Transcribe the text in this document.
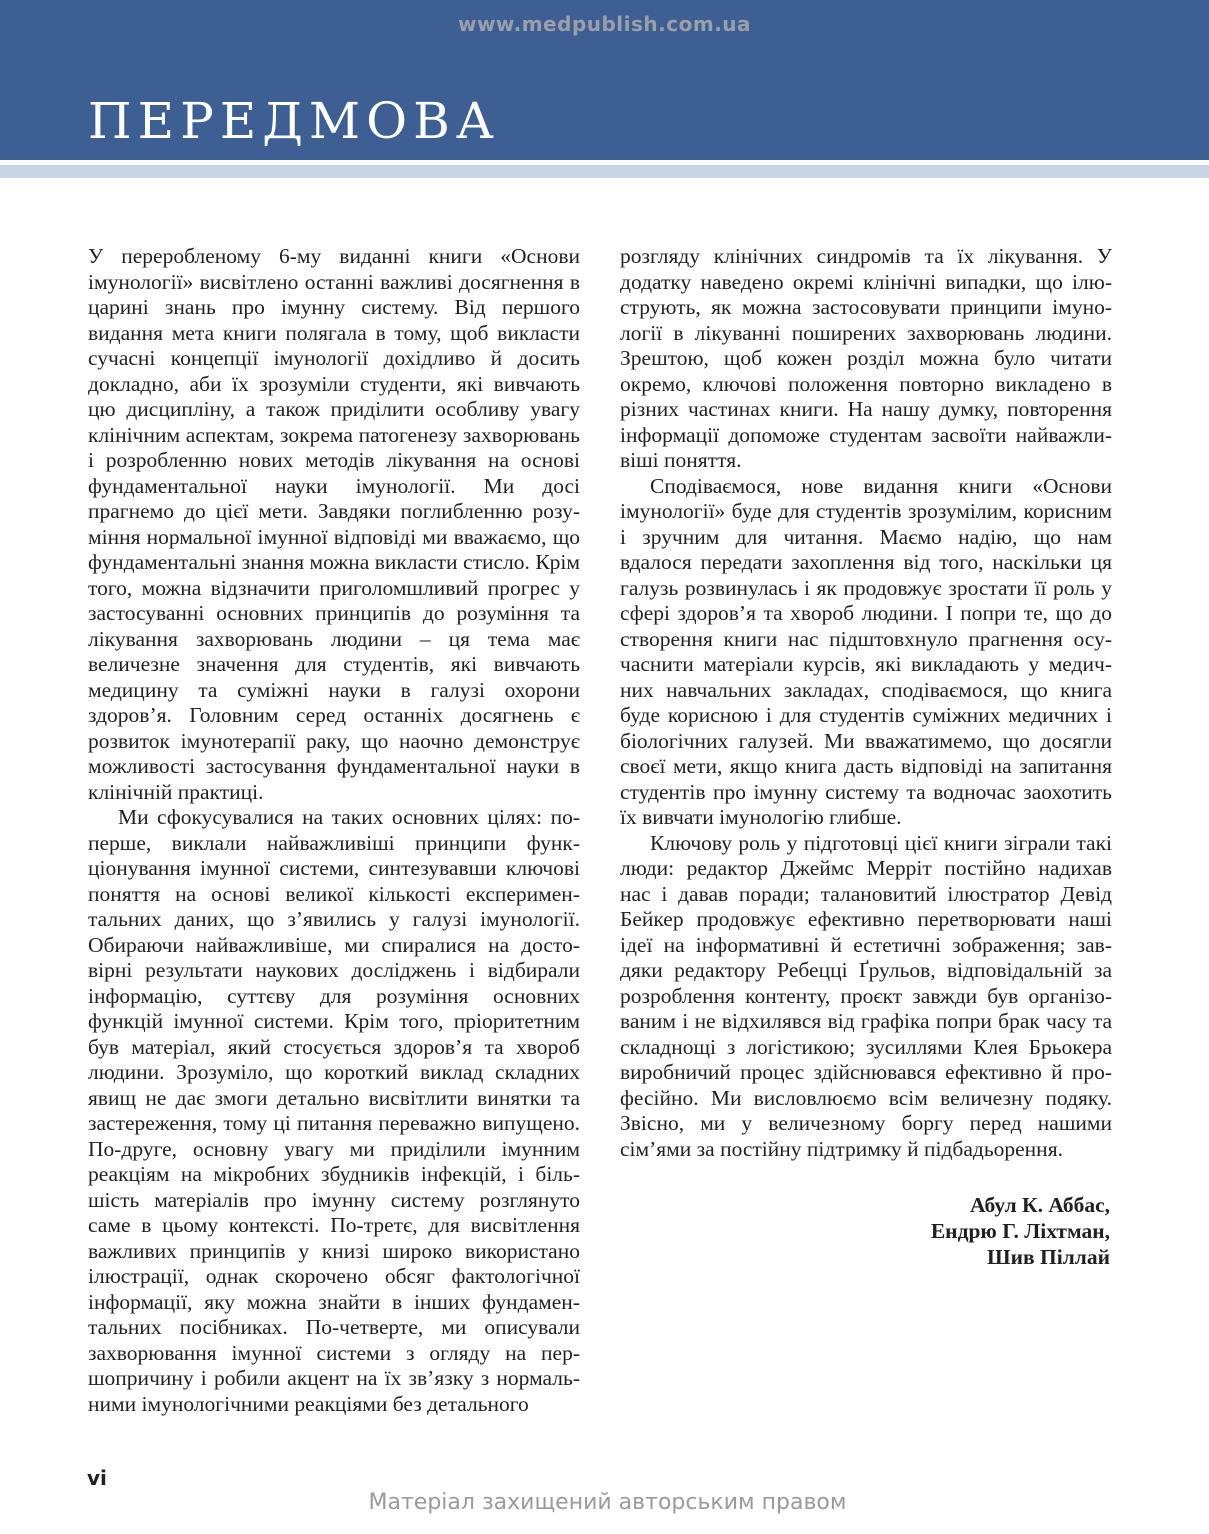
www.medpublish.com.ua
ПЕРЕДМОВА

У переробленому 6-му виданні книги «Основи імунології» висвітлено останні важливі досягнення в царині знань про імунну систему. Від першого видання мета книги полягала в тому, щоб викласти сучасні концепції імунології дохідливо й досить докладно, аби їх зрозуміли студенти, які вивчають цю дисципліну, а також приділити особливу увагу клінічним аспектам, зокрема патогенезу захворювань і розробленню нових методів лікування на основі фундаментальної науки імунології. Ми досі прагнемо до цієї мети. Завдяки поглибленню розуміння нормальної імунної відповіді ми вважаємо, що фундаментальні знання можна викласти стисло. Крім того, можна відзначити приголомшливий прогрес у застосуванні основних принципів до розуміння та лікування захворювань людини – ця тема має величезне значення для студентів, які вивчають медицину та суміжні науки в галузі охорони здоров’я. Головним серед останніх досягнень є розвиток імунотерапії раку, що наочно демонструє можливості застосування фундаментальної науки в клінічній практиці.

Ми сфокусувалися на таких основних цілях: по-перше, виклали найважливіші принципи функціонування імунної системи, синтезувавши ключові поняття на основі великої кількості експериментальних даних, що з’явились у галузі імунології. Обираючи найважливіше, ми спиралися на достовірні результати наукових досліджень і відбирали інформацію, суттєву для розуміння основних функцій імунної системи. Крім того, пріоритетним був матеріал, який стосується здоров’я та хвороб людини. Зрозуміло, що короткий виклад складних явищ не дає змоги детально висвітлити винятки та застереження, тому ці питання переважно випущено. По-друге, основну увагу ми приділили імунним реакціям на мікробних збудників інфекцій, і більшість матеріалів про імунну систему розглянуто саме в цьому контексті. По-третє, для висвітлення важливих принципів у книзі широко використано ілюстрації, однак скорочено обсяг фактологічної інформації, яку можна знайти в інших фундаментальних посібниках. По-четверте, ми описували захворювання імунної системи з огляду на першопричину і робили акцент на їх зв’язку з нормальними імунологічними реакціями без детального

розгляду клінічних синдромів та їх лікування. У додатку наведено окремі клінічні випадки, що ілюструють, як можна застосовувати принципи імунології в лікуванні поширених захворювань людини. Зрештою, щоб кожен розділ можна було читати окремо, ключові положення повторно викладено в різних частинах книги. На нашу думку, повторення інформації допоможе студентам засвоїти найважливіші поняття.

Сподіваємося, нове видання книги «Основи імунології» буде для студентів зрозумілим, корисним і зручним для читання. Маємо надію, що нам вдалося передати захоплення від того, наскільки ця галузь розвинулась і як продовжує зростати її роль у сфері здоров’я та хвороб людини. І попри те, що до створення книги нас підштовхнуло прагнення осучаснити матеріали курсів, які викладають у медичних навчальних закладах, сподіваємося, що книга буде корисною і для студентів суміжних медичних і біологічних галузей. Ми вважатимемо, що досягли своєї мети, якщо книга дасть відповіді на запитання студентів про імунну систему та водночас заохотить їх вивчати імунологію глибше.

Ключову роль у підготовці цієї книги зіграли такі люди: редактор Джеймс Меррiт постійно надихав нас і давав поради; талановитий ілюстратор Девід Бейкер продовжує ефективно перетворювати наші ідеї на інформативні й естетичні зображення; завдяки редактору Ребецці Ґрульов, відповідальній за розроблення контенту, проєкт завжди був організованим і не відхилявся від графіка попри брак часу та складнощі з логістикою; зусиллями Клея Брьокера виробничий процес здійснювався ефективно й професійно. Ми висловлюємо всім величезну подяку. Звісно, ми у величезному боргу перед нашими сім’ями за постійну підтримку й підбадьорення.

Абул К. Аббас,
Ендрю Г. Ліхтман,
Шив Піллай
vi
Матеріал захищений авторським правом
